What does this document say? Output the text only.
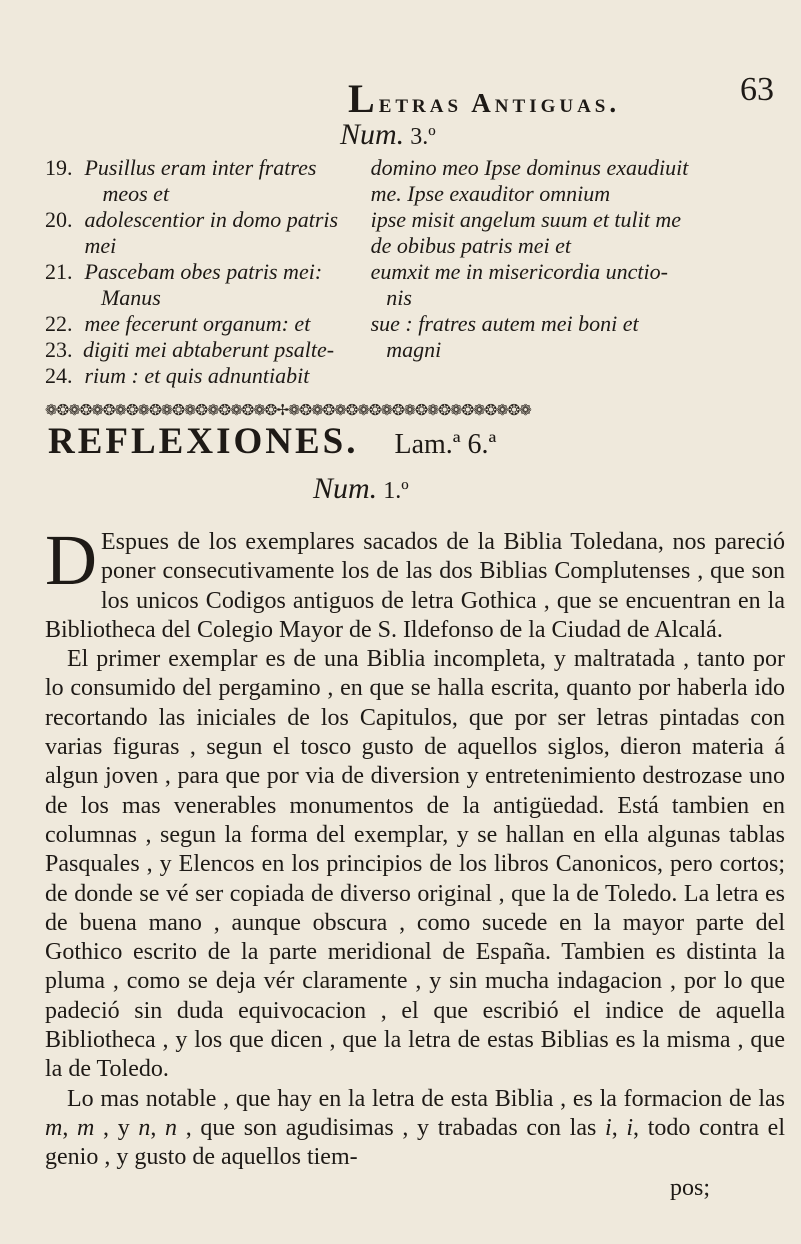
Letras Antiguas.	63
Num. 3.º
19. Pusillus eram inter fratres	domino meo Ipse dominus exaudiuit
meos et	me. Ipse exauditor omnium
20. adolescentior in domo patris	ipse misit angelum suum et tulit me
mei	de obibus patris mei et
21. Pascebam obes patris mei:	eumxit me in misericordia unctio-
Manus	nis
22. mee fecerunt organum: et	sue : fratres autem mei boni et
23. digiti mei abtaberunt psalte-	magni
24. rium : et quis adnuntiabit
❁❂❁❂❁❂❁❂❁❂❁❂❁❂❁❂❁❂❁❂✢❁❂❁❂❁❂❁❂❁❂❁❂❁❂❁❂❁❂❁❂❁
REFLEXIONES. Lam.ª 6.ª
Num. 1.º

D Espues de los exemplares sacados de la Biblia Toledana, nos pareció poner consecutivamente los de las dos Biblias Complutenses , que son los unicos Codigos antiguos de letra Gothica , que se encuentran en la Bibliotheca del Colegio Mayor de S. Ildefonso de la Ciudad de Alcalá.

El primer exemplar es de una Biblia incompleta, y maltratada , tanto por lo consumido del pergamino , en que se halla escrita, quanto por haberla ido recortando las iniciales de los Capitulos, que por ser letras pintadas con varias figuras , segun el tosco gusto de aquellos siglos, dieron materia á algun joven , para que por via de diversion y entretenimiento destrozase uno de los mas venerables monumentos de la antigüedad. Está tambien en columnas , segun la forma del exemplar, y se hallan en ella algunas tablas Pasquales , y Elencos en los principios de los libros Canonicos, pero cortos; de donde se vé ser copiada de diverso original , que la de Toledo. La letra es de buena mano , aunque obscura , como sucede en la mayor parte del Gothico escrito de la parte meridional de España. Tambien es distinta la pluma , como se deja vér claramente , y sin mucha indagacion , por lo que padeció sin duda equivocacion , el que escribió el indice de aquella Bibliotheca , y los que dicen , que la letra de estas Biblias es la misma , que la de Toledo.

Lo mas notable , que hay en la letra de esta Biblia , es la formacion de las m, m , y n, n , que son agudisimas , y trabadas con las i, i, todo contra el genio , y gusto de aquellos tiem-

pos;
